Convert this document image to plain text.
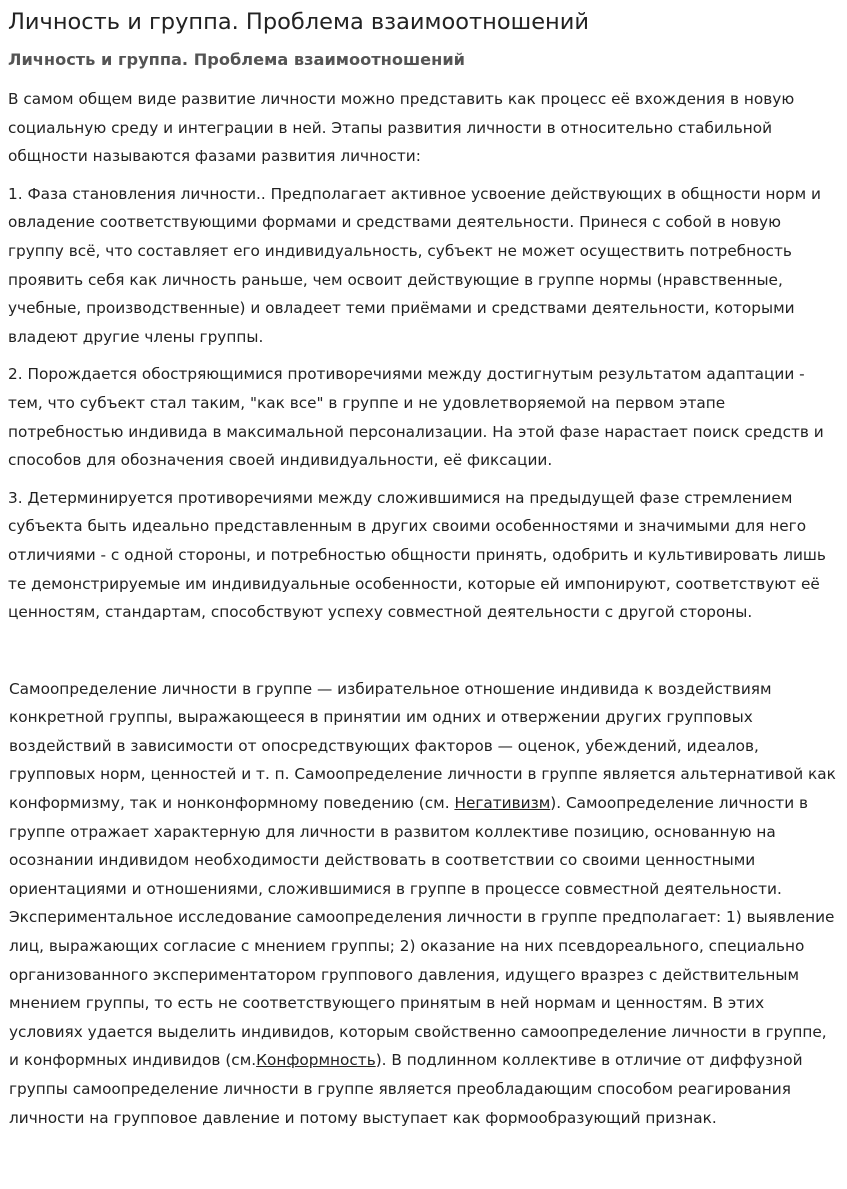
Личность и группа. Проблема взаимоотношений
Личность и группа. Проблема взаимоотношений

В самом общем виде развитие личности можно представить как процесс её вхождения в новую социальную среду и интеграции в ней. Этапы развития личности в относительно стабильной общности называются фазами развития личности:

1. Фаза становления личности.. Предполагает активное усвоение действующих в общности норм и овладение соответствующими формами и средствами деятельности. Принеся с собой в новую группу всё, что составляет его индивидуальность, субъект не может осуществить потребность проявить себя как личность раньше, чем освоит действующие в группе нормы (нравственные, учебные, производственные) и овладеет теми приёмами и средствами деятельности, которыми владеют другие члены группы.

2. Порождается обостряющимися противоречиями между достигнутым результатом адаптации - тем, что субъект стал таким, "как все" в группе и не удовлетворяемой на первом этапе потребностью индивида в максимальной персонализации. На этой фазе нарастает поиск средств и способов для обозначения своей индивидуальности, её фиксации.

3. Детерминируется противоречиями между сложившимися на предыдущей фазе стремлением субъекта быть идеально представленным в других своими особенностями и значимыми для него отличиями - с одной стороны, и потребностью общности принять, одобрить и культивировать лишь те демонстрируемые им индивидуальные особенности, которые ей импонируют, соответствуют её ценностям, стандартам, способствуют успеху совместной деятельности с другой стороны.

Самоопределение личности в группе — избирательное отношение индивида к воздействиям конкретной группы, выражающееся в принятии им одних и отвержении других групповых воздействий в зависимости от опосредствующих факторов — оценок, убеждений, идеалов, групповых норм, ценностей и т. п. Самоопределение личности в группе является альтернативой как конформизму, так и нонконформному поведению (см. Негативизм). Самоопределение личности в группе отражает характерную для личности в развитом коллективе позицию, основанную на осознании индивидом необходимости действовать в соответствии со своими ценностными ориентациями и отношениями, сложившимися в группе в процессе совместной деятельности. Экспериментальное исследование самоопределения личности в группе предполагает: 1) выявление лиц, выражающих согласие с мнением группы; 2) оказание на них псевдореального, специально организованного экспериментатором группового давления, идущего вразрез с действительным мнением группы, то есть не соответствующего принятым в ней нормам и ценностям. В этих условиях удается выделить индивидов, которым свойственно самоопределение личности в группе, и конформных индивидов (см.Конформность). В подлинном коллективе в отличие от диффузной группы самоопределение личности в группе является преобладающим способом реагирования личности на групповое давление и потому выступает как формообразующий признак.
